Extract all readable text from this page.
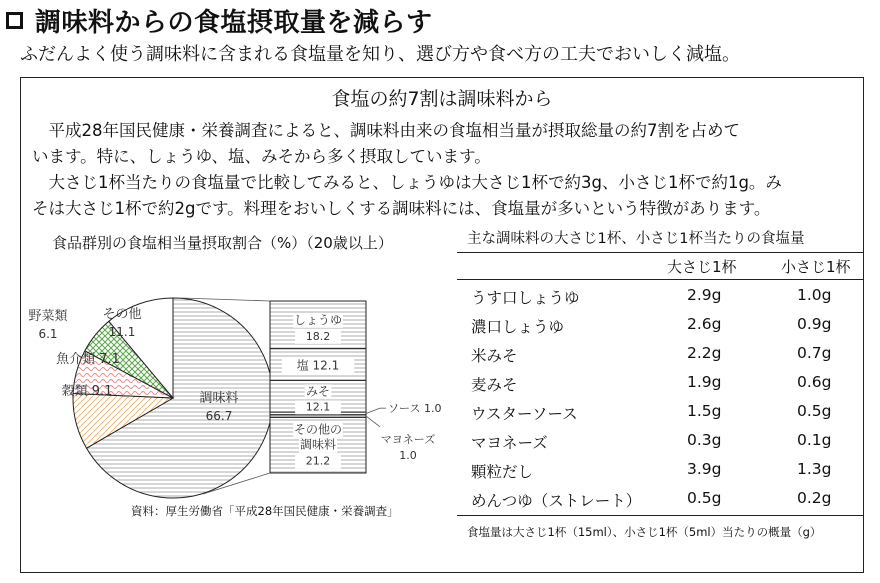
調味料からの食塩摂取量を減らす
ふだんよく使う調味料に含まれる食塩量を知り、選び方や食べ方の工夫でおいしく減塩。
食塩の約7割は調味料から
　平成28年国民健康・栄養調査によると、調味料由来の食塩相当量が摂取総量の約7割を占めて
います。特に、しょうゆ、塩、みそから多く摂取しています。
　大さじ1杯当たりの食塩量で比較してみると、しょうゆは大さじ1杯で約3g、小さじ1杯で約1g。み
そは大さじ1杯で約2gです。料理をおいしくする調味料には、食塩量が多いという特徴があります。
食品群別の食塩相当量摂取割合（%）（20歳以上）
調味料
66.7
穀類 9.1
魚介類 7.1
野菜類
6.1
その他
11.1
しょうゆ
18.2
塩 12.1
みそ
12.1
その他の
調味料
21.2
ソース 1.0
マヨネーズ
1.0
資料：厚生労働省「平成28年国民健康・栄養調査」
主な調味料の大さじ1杯、小さじ1杯当たりの食塩量
大さじ1杯	小さじ1杯
うす口しょうゆ	2.9g	1.0g
濃口しょうゆ	2.6g	0.9g
米みそ	2.2g	0.7g
麦みそ	1.9g	0.6g
ウスターソース	1.5g	0.5g
マヨネーズ	0.3g	0.1g
顆粒だし	3.9g	1.3g
めんつゆ（ストレート）	0.5g	0.2g
食塩量は大さじ1杯（15ml）、小さじ1杯（5ml）当たりの概量（g）
